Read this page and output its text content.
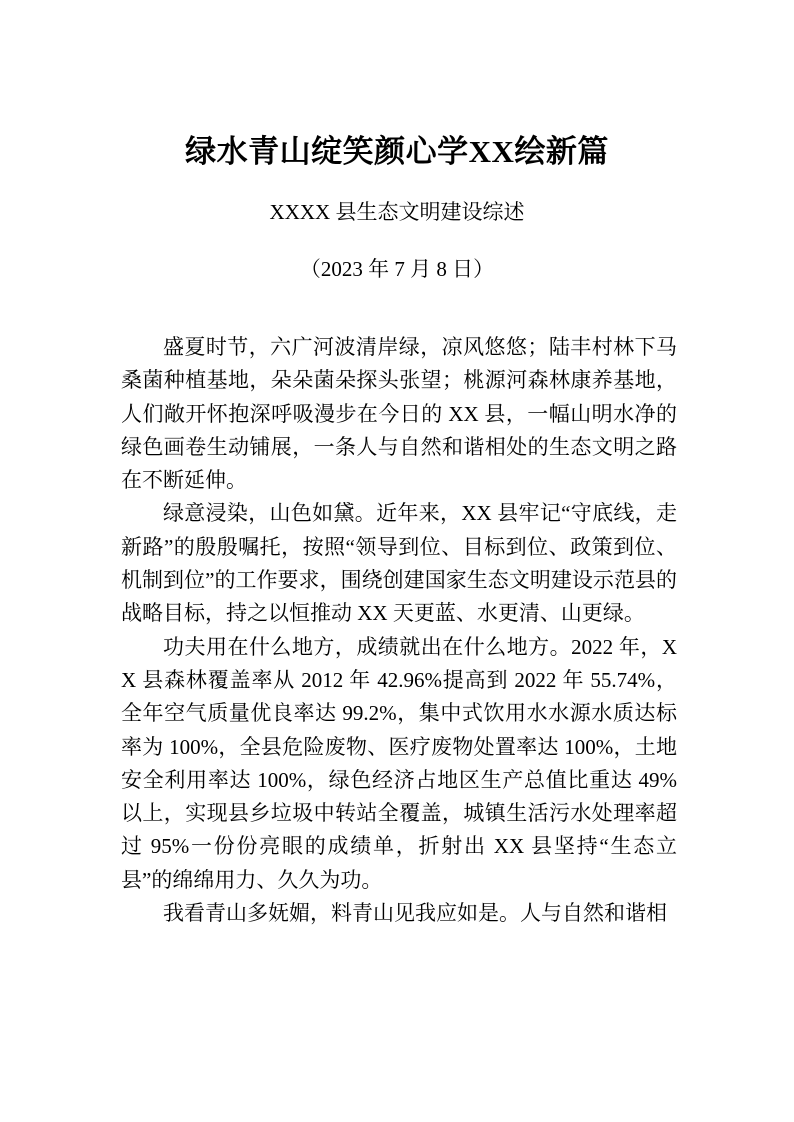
绿水青山绽笑颜心学XX绘新篇

XXXX 县生态文明建设综述

（2023 年 7 月 8 日）

盛夏时节，六广河波清岸绿，凉风悠悠；陆丰村林下马桑菌种植基地，朵朵菌朵探头张望；桃源河森林康养基地， 人们敞开怀抱深呼吸漫步在今日的 XX 县，一幅山明水净的绿色画卷生动铺展，一条人与自然和谐相处的生态文明之路在不断延伸。

绿意浸染，山色如黛。近年来，XX 县牢记“守底线，走新路”的殷殷嘱托，按照“领导到位、目标到位、政策到位、机制到位”的工作要求，围绕创建国家生态文明建设示范县的战略目标，持之以恒推动 XX 天更蓝、水更清、山更绿。

功夫用在什么地方，成绩就出在什么地方。2022 年，XX 县森林覆盖率从 2012 年 42.96%提高到 2022 年 55.74%，全年空气质量优良率达 99.2%，集中式饮用水水源水质达标率为 100%，全县危险废物、医疗废物处置率达 100%，土地安全利用率达 100%，绿色经济占地区生产总值比重达 49%以上，实现县乡垃圾中转站全覆盖，城镇生活污水处理率超过 95%一份份亮眼的成绩单，折射出 XX 县坚持“生态立县”的绵绵用力、久久为功。

我看青山多妩媚，料青山见我应如是。人与自然和谐相
